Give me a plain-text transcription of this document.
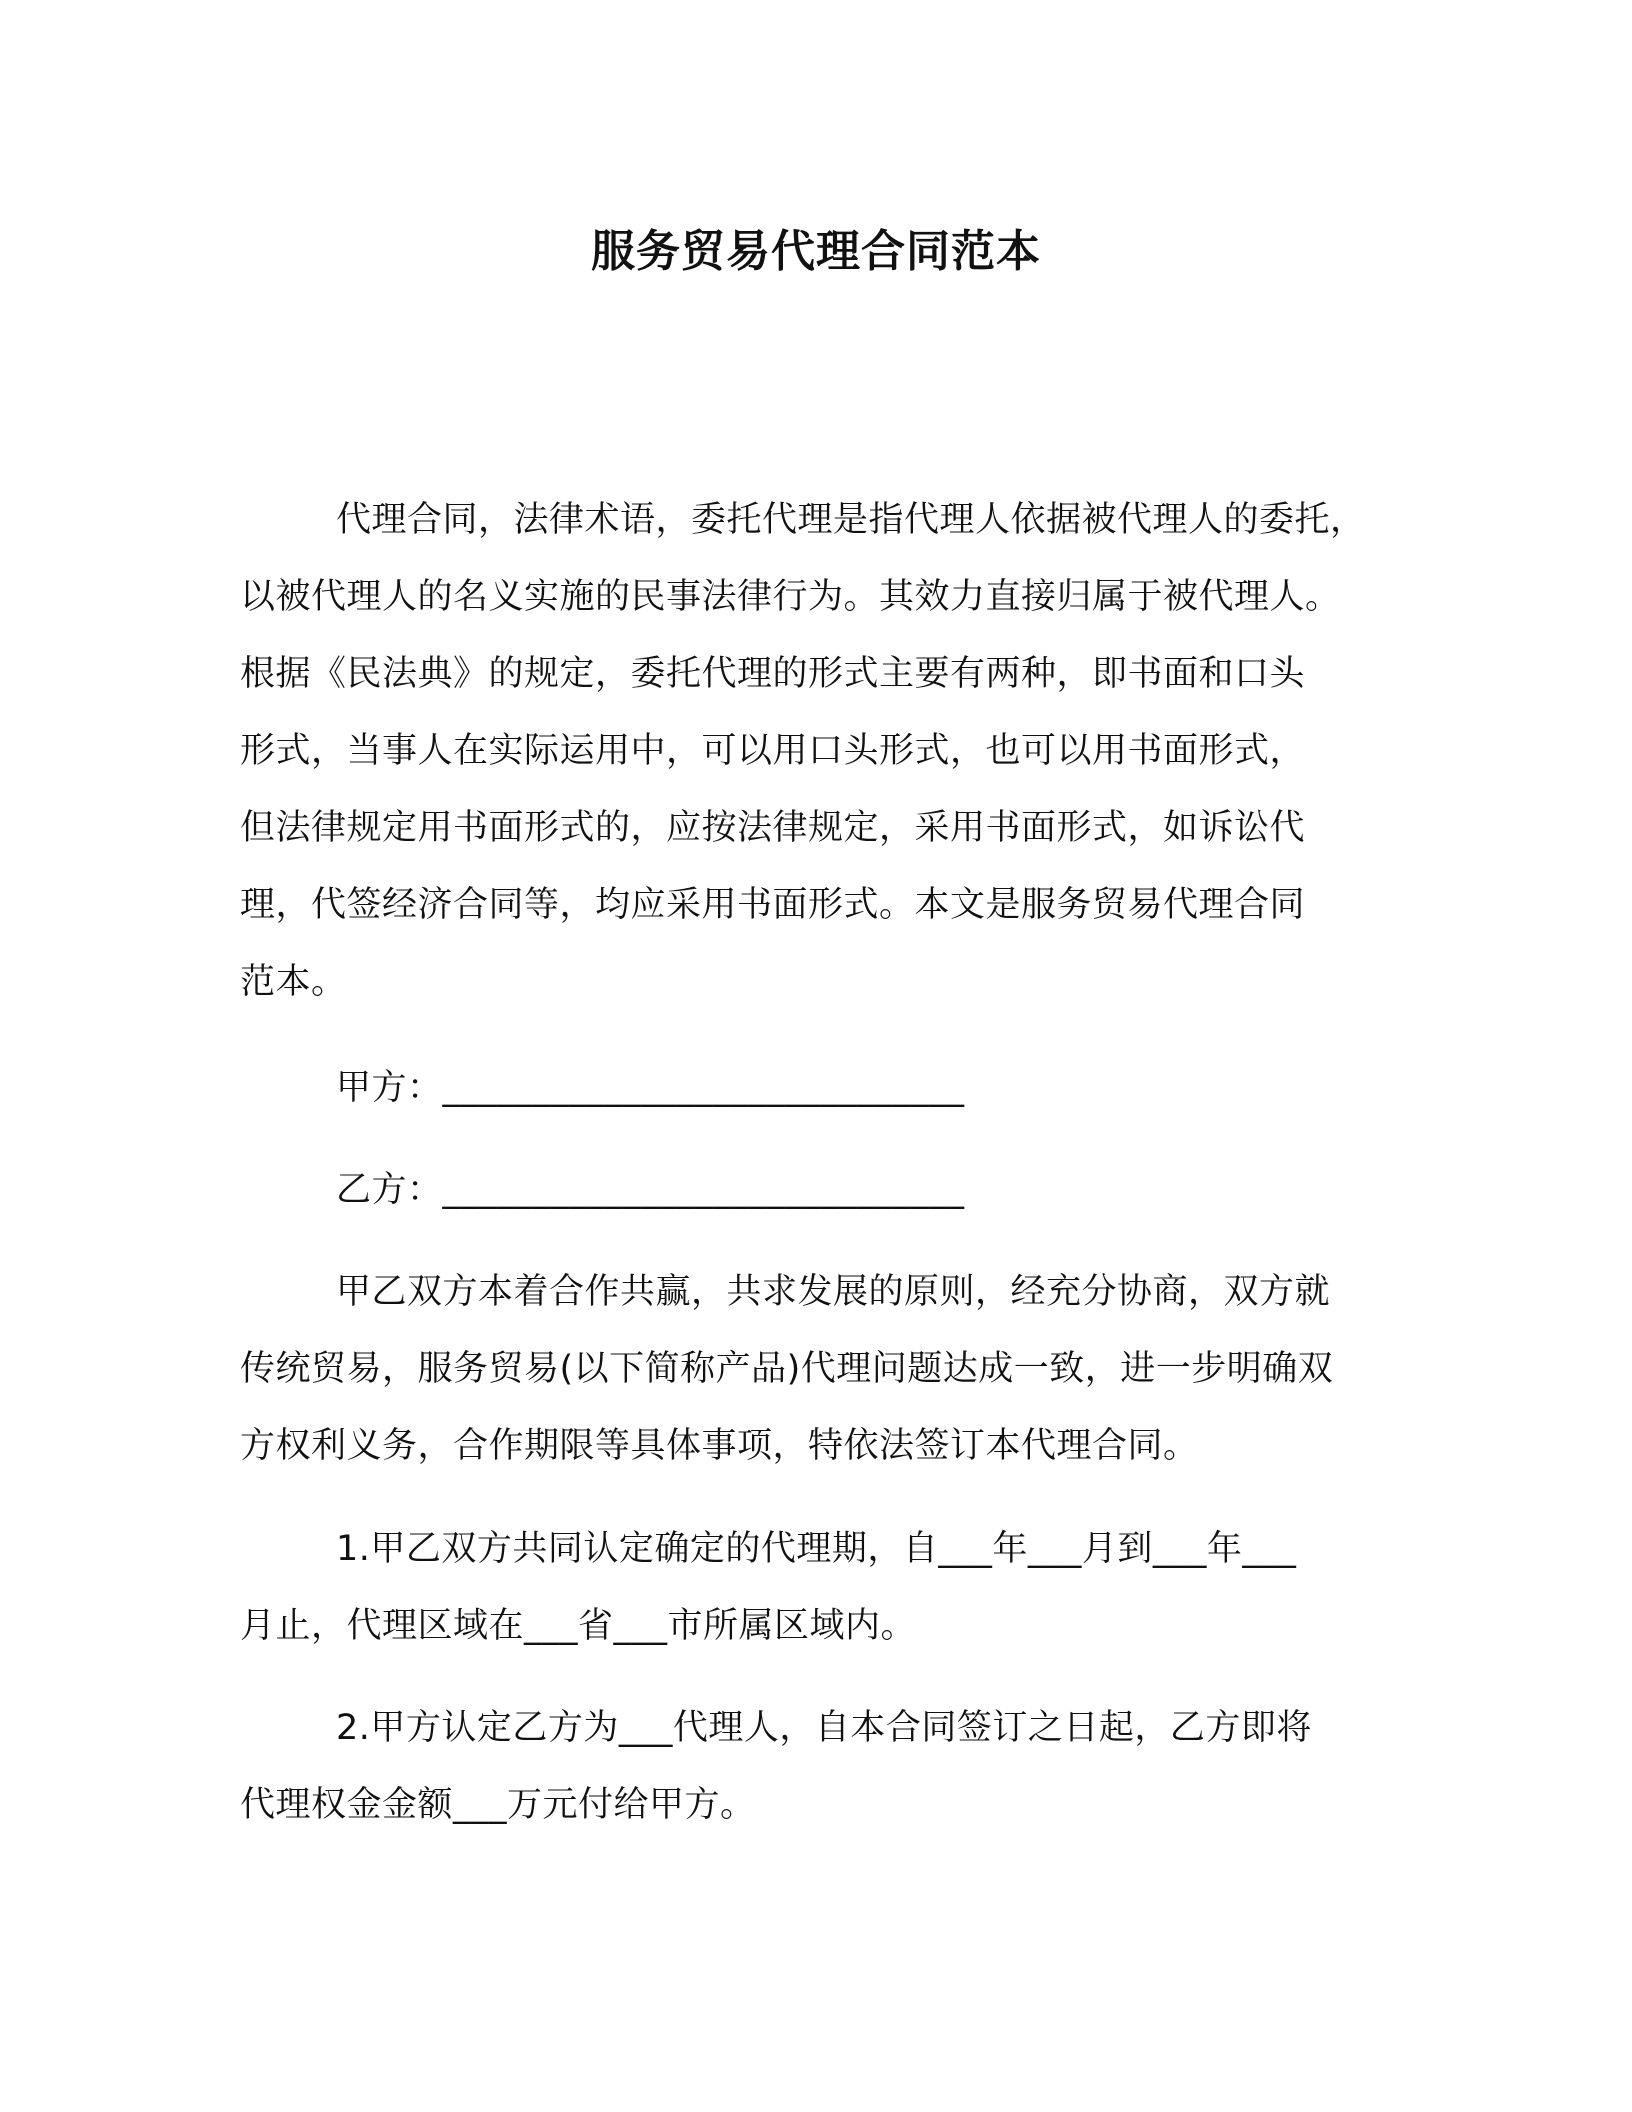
服务贸易代理合同范本

代理合同，法律术语，委托代理是指代理人依据被代理人的委托，

以被代理人的名义实施的民事法律行为。其效力直接归属于被代理人。

根据《民法典》的规定，委托代理的形式主要有两种，即书面和口头

形式，当事人在实际运用中，可以用口头形式，也可以用书面形式，

但法律规定用书面形式的，应按法律规定，采用书面形式，如诉讼代

理，代签经济合同等，均应采用书面形式。本文是服务贸易代理合同

范本。

甲方：_____________________________

乙方：_____________________________

甲乙双方本着合作共赢，共求发展的原则，经充分协商，双方就

传统贸易，服务贸易(以下简称产品)代理问题达成一致，进一步明确双

方权利义务，合作期限等具体事项，特依法签订本代理合同。

1.甲乙双方共同认定确定的代理期，自___年___月到___年___

月止，代理区域在___省___市所属区域内。

2.甲方认定乙方为___代理人，自本合同签订之日起，乙方即将

代理权金金额___万元付给甲方。
